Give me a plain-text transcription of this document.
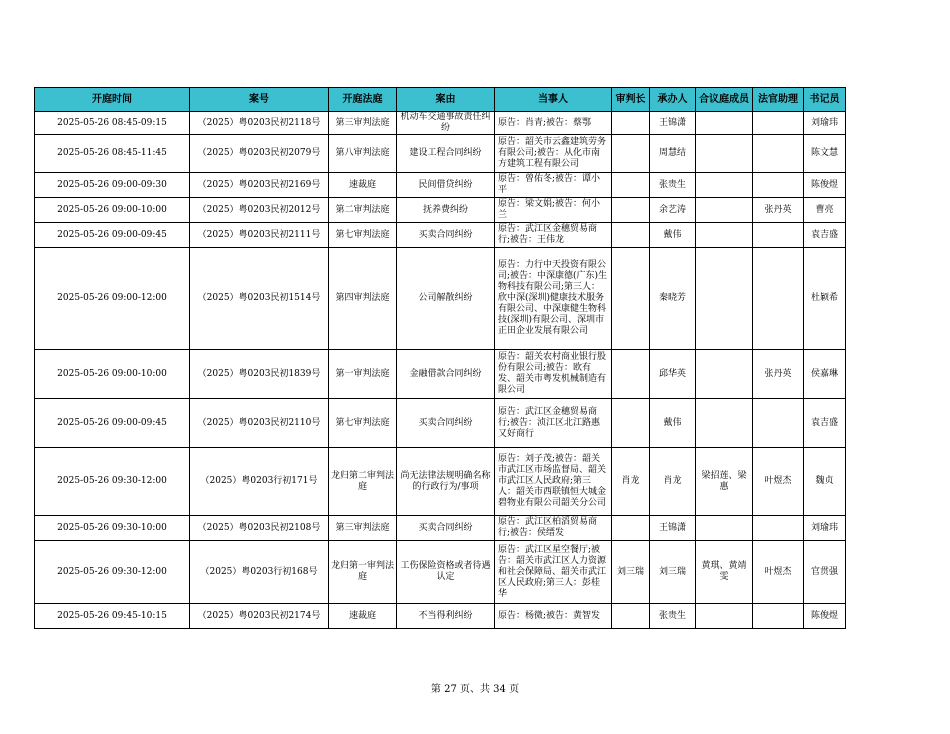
开庭时间	案号	开庭法庭	案由	当事人	审判长	承办人	合议庭成员	法官助理	书记员
2025-05-26 08:45-09:15	（2025）粤0203民初2118号	第三审判法庭	机动车交通事故责任纠纷	原告：肖青;被告：蔡鄂		王锦潇			刘瑜玮
2025-05-26 08:45-11:45	（2025）粤0203民初2079号	第八审判法庭	建设工程合同纠纷	原告：韶关市云鑫建筑劳务有限公司;被告：从化市南方建筑工程有限公司		周慧结			陈文慧
2025-05-26 09:00-09:30	（2025）粤0203民初2169号	速裁庭	民间借贷纠纷	原告：曾佑冬;被告：谭小平		张贵生			陈俊煜
2025-05-26 09:00-10:00	（2025）粤0203民初2012号	第二审判法庭	抚养费纠纷	原告：梁文娟;被告：何小兰		余艺涛		张丹英	曹亮
2025-05-26 09:00-09:45	（2025）粤0203民初2111号	第七审判法庭	买卖合同纠纷	原告：武江区金穗贸易商行;被告：王伟龙		戴伟			袁吉盛
2025-05-26 09:00-12:00	（2025）粤0203民初1514号	第四审判法庭	公司解散纠纷	原告：力行中天投资有限公司;被告：中深康德(广东)生物科技有限公司;第三人：欣中深(深圳)健康技术服务有限公司、中深康健生物科技(深圳)有限公司、深圳市正田企业发展有限公司		秦晓芳			杜颖希
2025-05-26 09:00-10:00	（2025）粤0203民初1839号	第一审判法庭	金融借款合同纠纷	原告：韶关农村商业银行股份有限公司;被告：欧有发、韶关市粤发机械制造有限公司		邱华英		张丹英	侯嘉琳
2025-05-26 09:00-09:45	（2025）粤0203民初2110号	第七审判法庭	买卖合同纠纷	原告：武江区金穗贸易商行;被告：浈江区北江路惠又好商行		戴伟			袁吉盛
2025-05-26 09:30-12:00	（2025）粤0203行初171号	龙归第二审判法庭	尚无法律法规明确名称的行政行为/事项	原告：刘子茂;被告：韶关市武江区市场监督局、韶关市武江区人民政府;第三人：韶关市西联镇恒大城金碧物业有限公司韶关分公司	肖龙	肖龙	梁招莲、梁惠	叶煜杰	魏贞
2025-05-26 09:30-10:00	（2025）粤0203民初2108号	第三审判法庭	买卖合同纠纷	原告：武江区柏滔贸易商行;被告：侯缙发		王锦潇			刘瑜玮
2025-05-26 09:30-12:00	（2025）粤0203行初168号	龙归第一审判法庭	工伤保险资格或者待遇认定	原告：武江区星空餐厅;被告：韶关市武江区人力资源和社会保障局、韶关市武江区人民政府;第三人：彭桂华	刘三瑞	刘三瑞	黄琪、黄靖雯	叶煜杰	官贯强
2025-05-26 09:45-10:15	（2025）粤0203民初2174号	速裁庭	不当得利纠纷	原告：杨微;被告：黄智发		张贵生			陈俊煜
第 27 页、共 34 页
